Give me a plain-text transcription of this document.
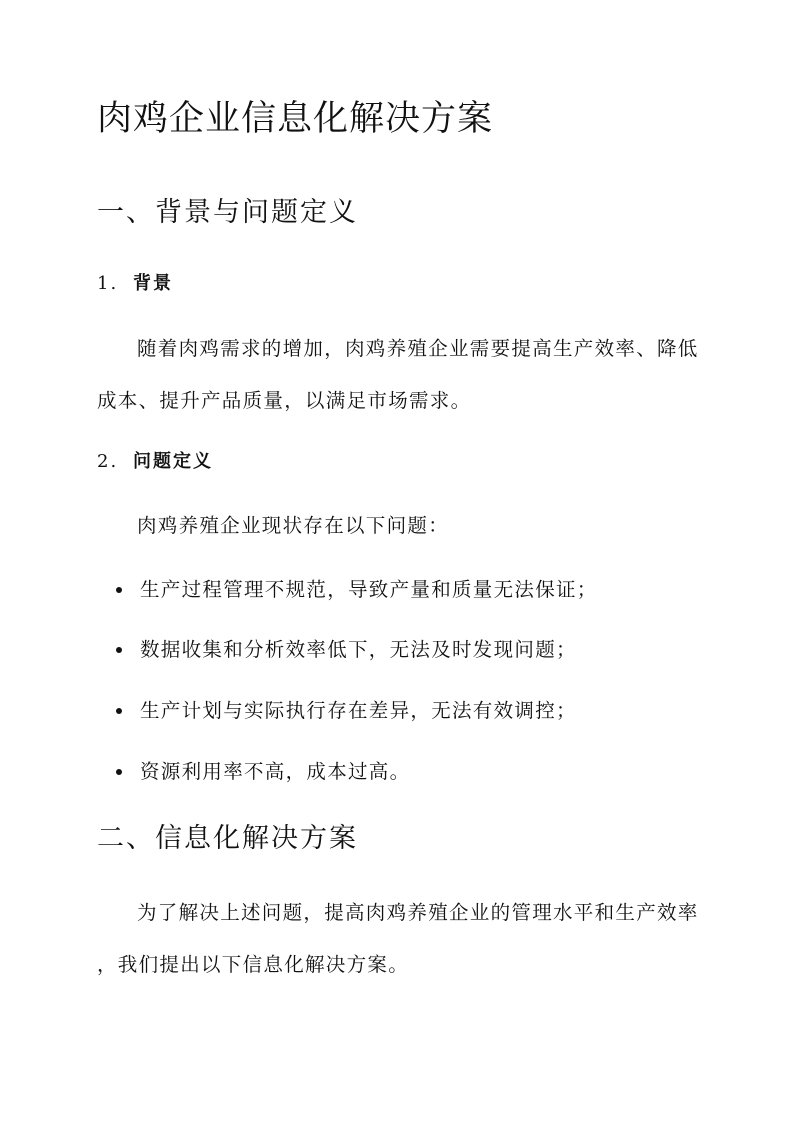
肉鸡企业信息化解决方案
一、背景与问题定义
1. 背景
随着肉鸡需求的增加，肉鸡养殖企业需要提高生产效率、降低
成本、提升产品质量，以满足市场需求。
2. 问题定义
肉鸡养殖企业现状存在以下问题：
生产过程管理不规范，导致产量和质量无法保证；
数据收集和分析效率低下，无法及时发现问题；
生产计划与实际执行存在差异，无法有效调控；
资源利用率不高，成本过高。
二、信息化解决方案
为了解决上述问题，提高肉鸡养殖企业的管理水平和生产效率
，我们提出以下信息化解决方案。
